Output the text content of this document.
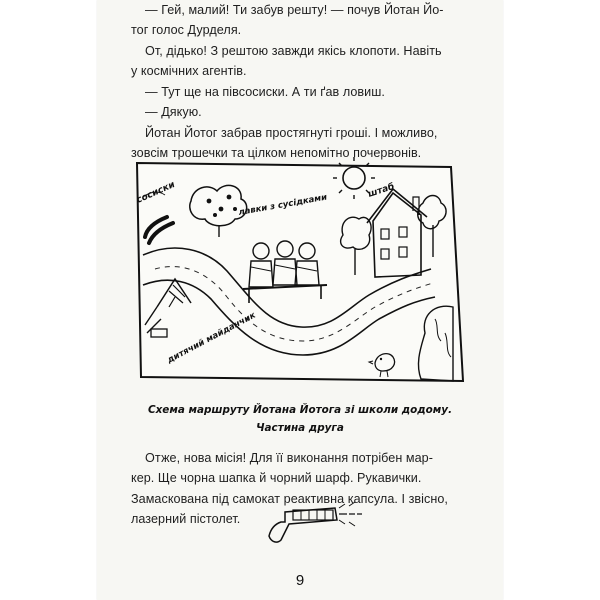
— Гей, малий! Ти забув решту! — почув Йотан Йо-
тог голос Дурделя.
От, дідько! З рештою завжди якісь клопоти. Навіть
у космічних агентів.
— Тут ще на півсосиски. А ти ґав ловиш.
— Дякую.
Йотан Йотог забрав простягнуті гроші. І можливо,
зовсім трошечки та цілком непомітно почервонів.
сосиски	лавки з сусідками
штаб
дитячий майданчик
Схема маршруту Йотана Йотога зі школи додому.
Частина друга
Отже, нова місія! Для її виконання потрібен мар-
кер. Ще чорна шапка й чорний шарф. Рукавички.
Замаскована під самокат реактивна капсула. І звісно,
лазерний пістолет.
9
